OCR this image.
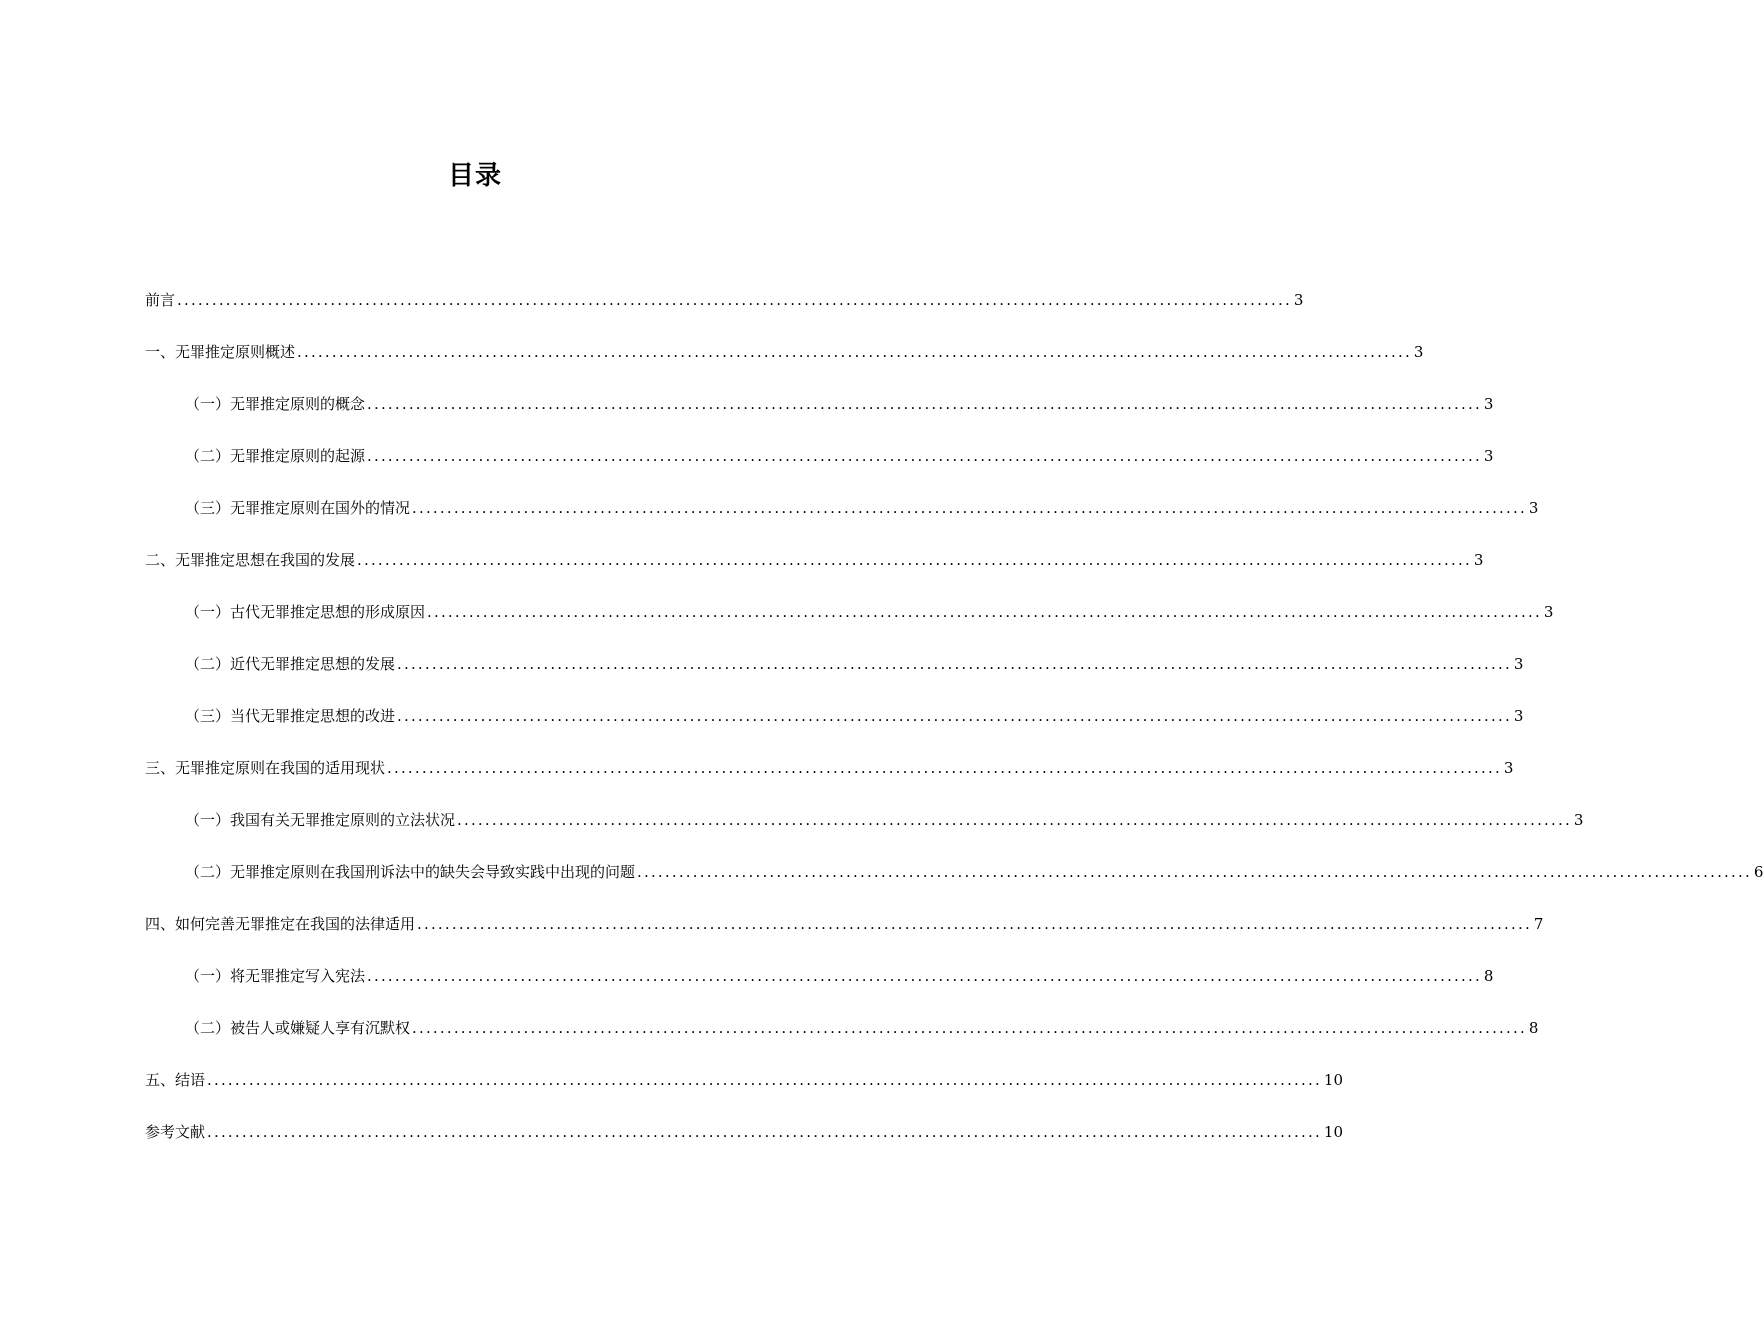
目录
前言 ................................................................................................................................................................ 3
一、无罪推定原则概述 ................................................................................................................................................................ 3
（一）无罪推定原则的概念 ................................................................................................................................................................ 3
（二）无罪推定原则的起源 ................................................................................................................................................................ 3
（三）无罪推定原则在国外的情况 ................................................................................................................................................................ 3
二、无罪推定思想在我国的发展 ................................................................................................................................................................ 3
（一）古代无罪推定思想的形成原因 ................................................................................................................................................................ 3
（二）近代无罪推定思想的发展 ................................................................................................................................................................ 3
（三）当代无罪推定思想的改进 ................................................................................................................................................................ 3
三、无罪推定原则在我国的适用现状 ................................................................................................................................................................ 3
（一）我国有关无罪推定原则的立法状况 ................................................................................................................................................................ 3
（二）无罪推定原则在我国刑诉法中的缺失会导致实践中出现的问题 ................................................................................................................................................................ 6
四、如何完善无罪推定在我国的法律适用 ................................................................................................................................................................ 7
（一）将无罪推定写入宪法 ................................................................................................................................................................ 8
（二）被告人或嫌疑人享有沉默权 ................................................................................................................................................................ 8
五、结语 ................................................................................................................................................................ 10
参考文献 ................................................................................................................................................................ 10
